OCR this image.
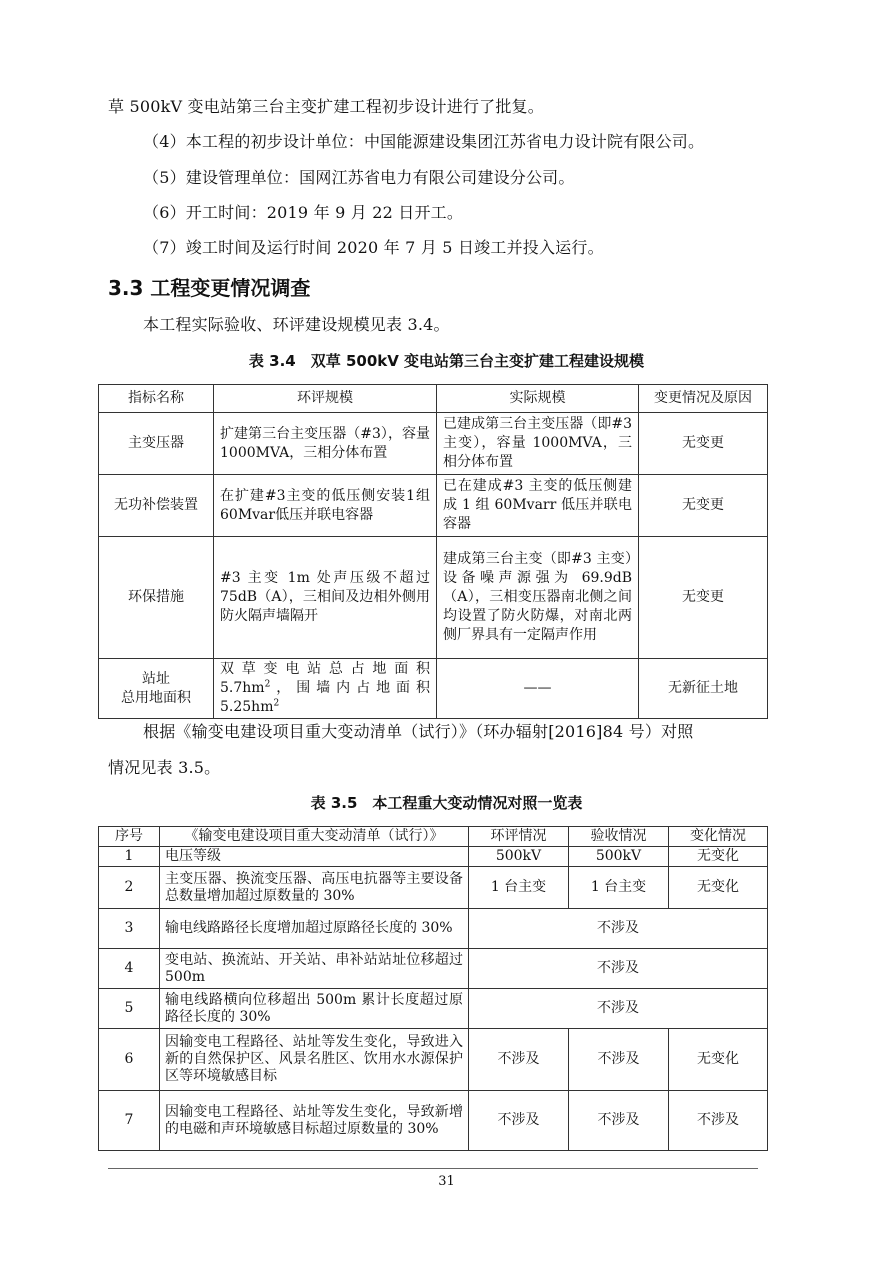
草 500kV 变电站第三台主变扩建工程初步设计进行了批复。
（4）本工程的初步设计单位：中国能源建设集团江苏省电力设计院有限公司。
（5）建设管理单位：国网江苏省电力有限公司建设分公司。
（6）开工时间：2019 年 9 月 22 日开工。
（7）竣工时间及运行时间 2020 年 7 月 5 日竣工并投入运行。
3.3 工程变更情况调查
本工程实际验收、环评建设规模见表 3.4。
表 3.4　双草 500kV 变电站第三台主变扩建工程建设规模
指标名称	环评规模	实际规模	变更情况及原因
主变压器	扩建第三台主变压器（#3），容量1000MVA，三相分体布置	已建成第三台主变压器（即#3 主变），容量 1000MVA，三相分体布置	无变更
无功补偿装置	在扩建#3主变的低压侧安装1组60Mvar低压并联电容器	已在建成#3 主变的低压侧建成 1 组 60Mvarr 低压并联电容器	无变更
环保措施	#3 主变 1m 处声压级不超过 75dB（A），三相间及边相外侧用防火隔声墙隔开	建成第三台主变（即#3 主变）设备噪声源强为 69.9dB（A），三相变压器南北侧之间均设置了防火防爆，对南北两侧厂界具有一定隔声作用	无变更
站址
总用地面积	双 草 变 电 站 总 占 地 面 积 $5.7hm^2$，围墙内占地面积 $5.25hm^2$	——	无新征土地
根据《输变电建设项目重大变动清单（试行）》（环办辐射[2016]84 号）对照
情况见表 3.5。
表 3.5　本工程重大变动情况对照一览表
序号	《输变电建设项目重大变动清单（试行）》	环评情况	验收情况	变化情况
1	电压等级	500kV	500kV	无变化
2	主变压器、换流变压器、高压电抗器等主要设备总数量增加超过原数量的 30%	1 台主变	1 台主变	无变化
3	输电线路路径长度增加超过原路径长度的 30%	不涉及		
4	变电站、换流站、开关站、串补站站址位移超过 500m	不涉及		
5	输电线路横向位移超出 500m 累计长度超过原路径长度的 30%	不涉及		
6	因输变电工程路径、站址等发生变化，导致进入新的自然保护区、风景名胜区、饮用水水源保护区等环境敏感目标	不涉及	不涉及	无变化
7	因输变电工程路径、站址等发生变化，导致新增的电磁和声环境敏感目标超过原数量的 30%	不涉及	不涉及	不涉及
31
